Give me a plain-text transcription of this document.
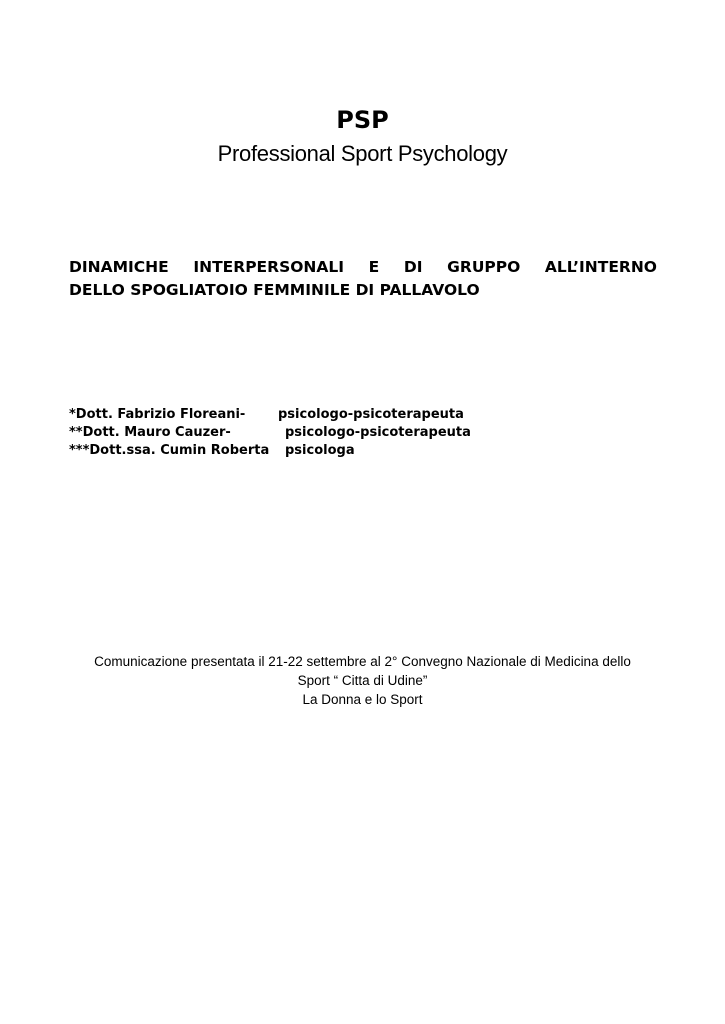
PSP
Professional Sport Psychology
DINAMICHE INTERPERSONALI E DI GRUPPO ALL’INTERNO
DELLO SPOGLIATOIO FEMMINILE DI PALLAVOLO
*Dott. Fabrizio Floreani-	psicologo-psicoterapeuta
**Dott. Mauro Cauzer-	psicologo-psicoterapeuta
***Dott.ssa. Cumin Roberta psicologa
Comunicazione presentata il 21-22 settembre al 2° Convegno Nazionale di Medicina dello
Sport “ Citta di Udine”
La Donna e lo Sport
